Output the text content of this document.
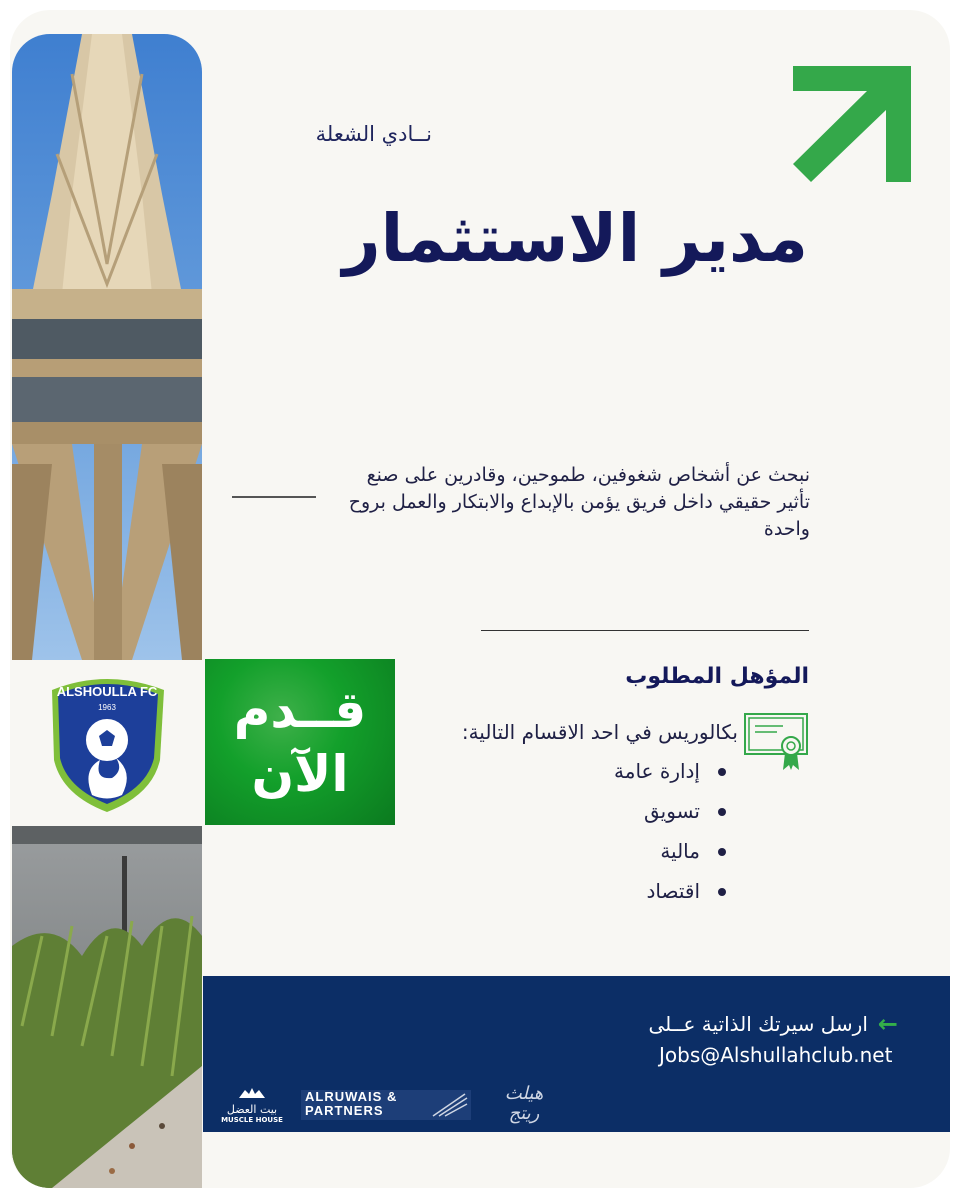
ALSHOULLA FC
1963 قــدم
الآن
نــادي الشعلة
مدير الاستثمار
نبحث عن أشخاص شغوفين، طموحين، وقادرين على صنع تأثير حقيقي داخل فريق يؤمن بالإبداع والابتكار والعمل بروح واحدة
المؤهل المطلوب
بكالوريس في احد الاقسام التالية:
إدارة عامة
تسويق
مالية
اقتصاد
←
ارسل سيرتك الذاتية عــلى
Jobs@Alshullahclub.net
بيت العضل
MUSCLE HOUSE
ALRUWAIS &
PARTNERS
هيلث ريتج
